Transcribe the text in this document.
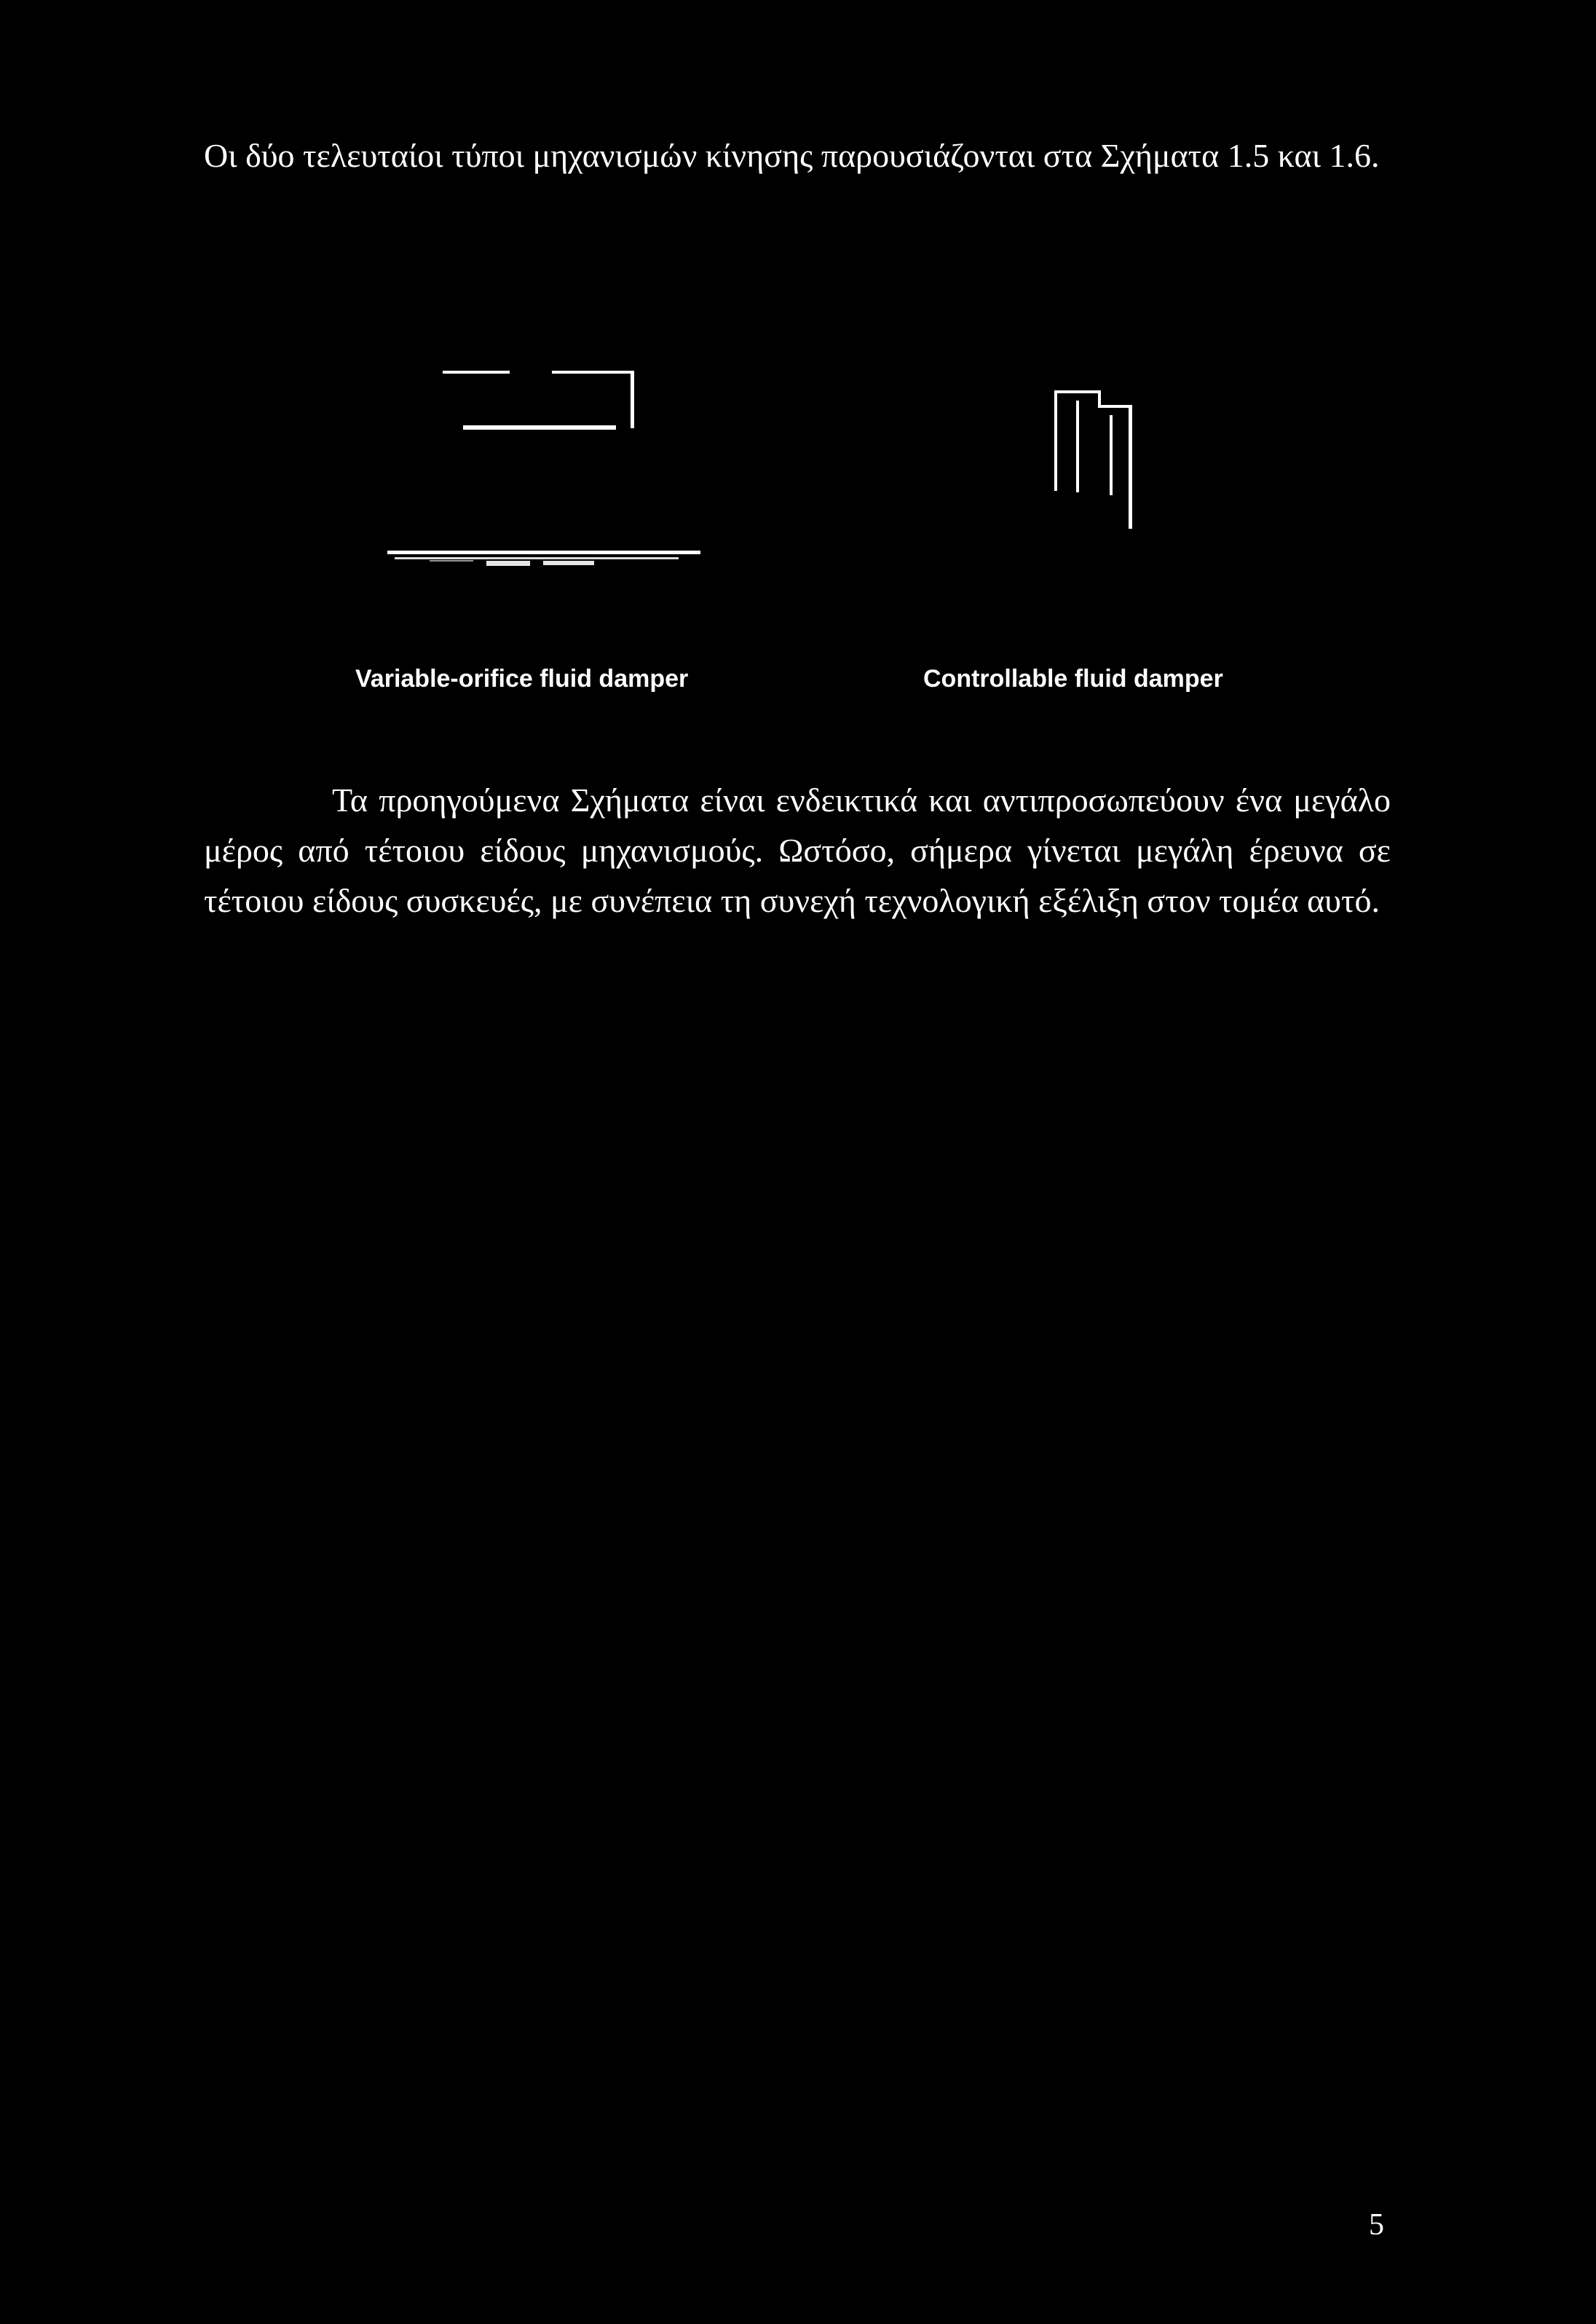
Οι δύο τελευταίοι τύποι μηχανισμών κίνησης παρουσιάζονται στα Σχήματα 1.5 και 1.6.

Variable-orifice fluid damper	Controllable fluid damper

Τα προηγούμενα Σχήματα είναι ενδεικτικά και αντιπροσωπεύουν ένα μεγάλο μέρος από τέτοιου είδους μηχανισμούς. Ωστόσο, σήμερα γίνεται μεγάλη έρευνα σε τέτοιου είδους συσκευές, με συνέπεια τη συνεχή τεχνολογική εξέλιξη στον τομέα αυτό.

5
